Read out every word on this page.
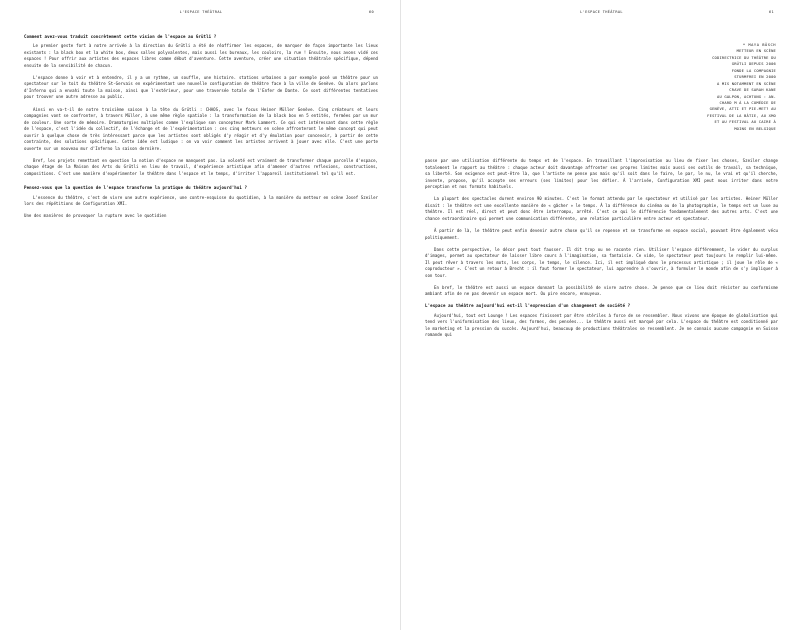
L'ESPACE THÉÂTRAL	60
Comment avez-vous traduit concrètement cette vision de l'espace au Grütli ?

Le premier geste fort à notre arrivée à la direction du Grütli a été de réaffirmer les espaces, de marquer de façon importante les lieux existants : la black box et la white box, deux salles polyvalentes, mais aussi les bureaux, les couloirs, la rue ! Ensuite, nous avons vidé ces espaces ! Pour offrir aux artistes des espaces libres comme début d'aventure. Cette aventure, créer une situation théâtrale spécifique, dépend ensuite de la sensibilité de chacun.

L'espace donne à voir et à entendre, il y a un rythme, un souffle, une histoire. stations urbaines a par exemple posé un théâtre pour un spectateur sur le toit du théâtre St-Gervais en expérimentant une nouvelle configuration de théâtre face à la ville de Genève. Ou alors parlons d'Inferno qui a envahi toute la maison, ainsi que l'extérieur, pour une traversée totale de l'Enfer de Dante. Ce sont différentes tentatives pour trouver une autre adresse au public.

Ainsi en va-t-il de notre troisième saison à la tête du Grütli : CHAOS, avec le focus Heiner Müller Genève. Cinq créateurs et leurs compagnies vont se confronter, à travers Müller, à une même règle spatiale : la transformation de la black box en 5 entités, fermées par un mur de couleur. Une sorte de mémoire. Dramaturgies multiples comme l'explique son concepteur Mark Lammert. Ce qui est intéressant dans cette règle de l'espace, c'est l'idée du collectif, de l'échange et de l'expérimentation : ces cinq metteurs en scène affronteront le même concept qui peut ouvrir à quelque chose de très intéressant parce que les artistes sont obligés d'y réagir et d'y émulation pour concevoir, à partir de cette contrainte, des solutions spécifiques. Cette idée est ludique : on va voir comment les artistes arrivent à jouer avec elle. C'est une porte ouverte sur un nouveau mur d'Inferno la saison dernière.

Bref, les projets remettant en question la notion d'espace ne manquent pas. La volonté est vraiment de transformer chaque parcelle d'espace, chaque étage de la Maison des Arts du Grütli en lieu de travail, d'expérience artistique afin d'amener d'autres reflexions, constructions, compositions. C'est une manière d'expérimenter le théâtre dans l'espace et le temps, d'irriter l'appareil institutionnel tel qu'il est.

Pensez-vous que la question de l'espace transforme la pratique du théâtre aujourd'hui ?

L'essence du théâtre, c'est de vivre une autre expérience, une contre-esquisse du quotidien, à la manière du metteur en scène Josef Szeiler lors des répétitions de Configuration XMI.

Une des manières de provoquer la rupture avec le quotidien

L'ESPACE THÉÂTRAL	61
* MAYA BÖSCH
METTEUR EN SCÈNE
CODIRECTRICE DU THÉÂTRE DU
GRÜTLI DEPUIS 2006
FONDE LA COMPAGNIE
STURMFREI EN 2000
A MIS NOTAMMENT EN SCÈNE
CRAVE DE SARAH KANE
AU GALPON, ACHTUNG : AN-
CHARD M À LA COMÉDIE DE
GENÈVE, ATTI ET PIE-MET? AU
FESTIVAL DE LA BÂTIE, AU XMO
ET AU FESTIVAL AU CAIRE À
MOINS EN BELGIQUE

passe par une utilisation différente du temps et de l'espace. En travaillant l'improvisation au lieu de fixer les choses, Szeiler change totalement le rapport au théâtre : chaque acteur doit davantage affronter ses propres limites mais aussi ses outils de travail, sa technique, sa liberté. Son exigence est peut-être là, que l'artiste ne pense pas mais qu'il soit dans le faire, le par, le nu, le vrai et qu'il cherche, invente, propose, qu'il accepte ses erreurs (ses limites) pour les défier. À l'arrivée, Configuration XMI peut nous irriter dans notre perception et nos formats habituels.

La plupart des spectacles durent environ 90 minutes. C'est le format attendu par le spectateur et utilisé par les artistes. Heiner Müller disait : le théâtre est une excellente manière de « gâcher » le temps. À la différence du cinéma ou de la photographie, le temps est un luxe au théâtre. Il est réel, direct et peut donc être interrompu, arrêté. C'est ce qui le différencie fondamentalement des autres arts. C'est une chance extraordinaire qui permet une communication différente, une relation particulière entre acteur et spectateur.

À partir de là, le théâtre peut enfin devenir autre chose qu'il se repense et se transforme en espace social, pouvant être également vécu politiquement.

Dans cette perspective, le décor peut tout fausser. Il dit trop ou ne raconte rien. Utiliser l'espace différemment, le vider du surplus d'images, permet au spectateur de laisser libre cours à l'imagination, sa fantaisie. Ce vide, le spectateur peut toujours le remplir lui-même. Il peut rêver à travers les mots, les corps, le temps, le silence. Ici, il est impliqué dans le processus artistique ; il joue le rôle de « coproducteur ». C'est un retour à Brecht : il faut former le spectateur, lui apprendre à s'ouvrir, à formuler le monde afin de s'y impliquer à son tour.

En bref, le théâtre est aussi un espace donnant la possibilité de vivre autre chose. Je pense que ce lieu doit résister au conformisme ambiant afin de ne pas devenir un espace mort. Ou pire encore, ennuyeux.

L'espace au théâtre aujourd'hui est-il l'expression d'un changement de société ?

Aujourd'hui, tout est Lounge ! Les espaces finissent par être stériles à force de se ressembler. Nous vivons une époque de globalisation qui tend vers l'uniformisation des lieux, des formes, des pensées... Le théâtre aussi est marqué par cela. L'espace du théâtre est conditionné par le marketing et la pression du succès. Aujourd'hui, beaucoup de productions théâtrales se ressemblent. Je ne connais aucune compagnie en Suisse romande qui
